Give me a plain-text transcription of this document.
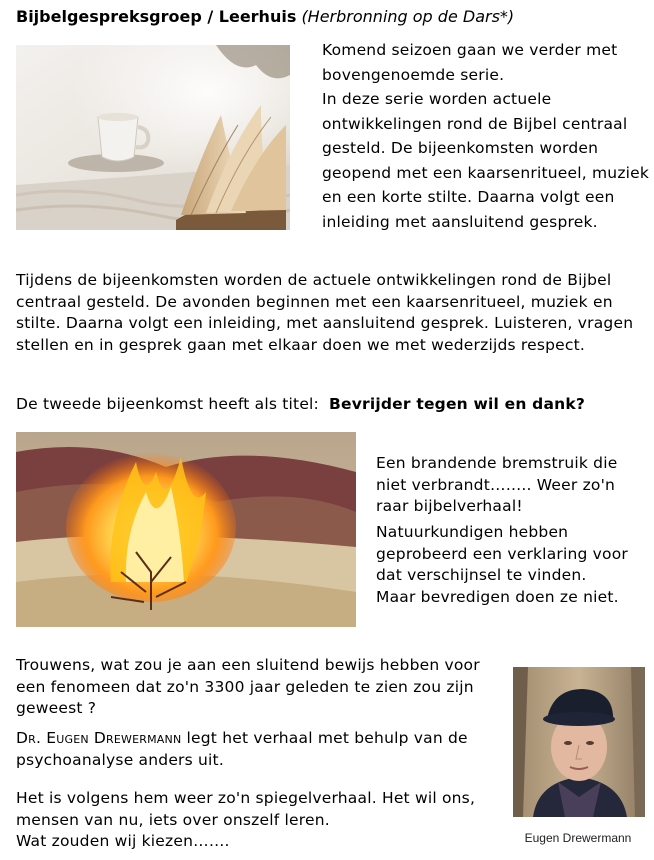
Bijbelgespreksgroep / Leerhuis (Herbronning op de Dars*)
Komend seizoen gaan we verder met bovengenoemde serie.
In deze serie worden actuele ontwikkelingen rond de Bijbel centraal gesteld. De bijeenkomsten worden geopend met een kaarsenritueel, muziek en een korte stilte. Daarna volgt een inleiding met aansluitend gesprek.
Tijdens de bijeenkomsten worden de actuele ontwikkelingen rond de Bijbel centraal gesteld. De avonden beginnen met een kaarsenritueel, muziek en stilte. Daarna volgt een inleiding, met aansluitend gesprek. Luisteren, vragen stellen en in gesprek gaan met elkaar doen we met wederzijds respect.
De tweede bijeenkomst heeft als titel: Bevrijder tegen wil en dank?
Een brandende bremstruik die niet verbrandt…….. Weer zo'n raar bijbelverhaal!
Natuurkundigen hebben geprobeerd een verklaring voor dat verschijnsel te vinden.
Maar bevredigen doen ze niet.
Trouwens, wat zou je aan een sluitend bewijs hebben voor een fenomeen dat zo'n 3300 jaar geleden te zien zou zijn geweest ?
Dr. Eugen Drewermann legt het verhaal met behulp van de psychoanalyse anders uit.
Het is volgens hem weer zo'n spiegelverhaal. Het wil ons, mensen van nu, iets over onszelf leren.
Wat zouden wij kiezen…….	Eugen Drewermann
